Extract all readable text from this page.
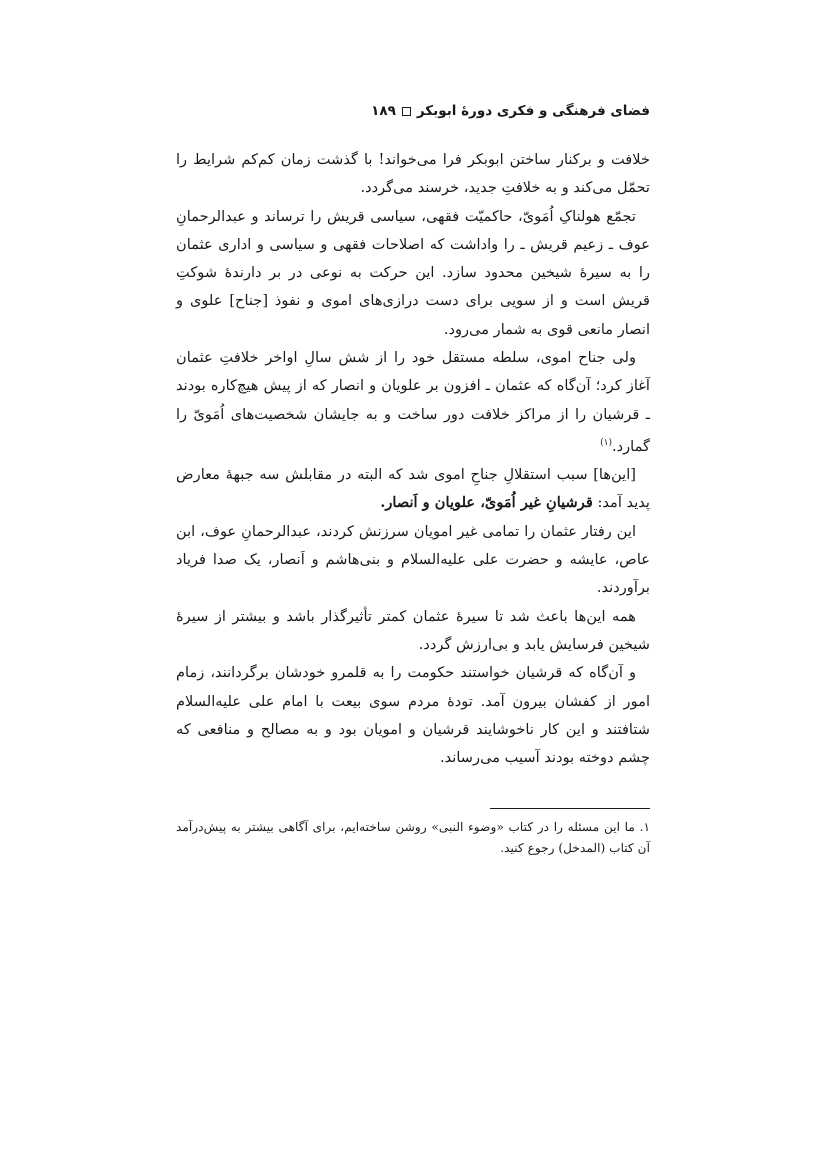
فضای فرهنگی و فکری دورهٔ ابوبکر
۱۸۹

خلافت و برکنار ساختن ابوبکر فرا می‌خواند! با گذشت زمان کم‌کم شرایط را تحمّل می‌کند و به خلافتِ جدید، خرسند می‌گردد.

تجمّع هولناکِ اُمَویّ، حاکمیّت فقهی، سیاسی قریش را ترساند و عبدالرحمانِ عوف ـ زعیم قریش ـ را واداشت که اصلاحات فقهی و سیاسی و اداری عثمان را به سیرهٔ شیخین محدود سازد. این حرکت به نوعی در بر دارندهٔ شوکتِ قریش است و از سویی برای دست درازی‌های اموی و نفوذ [جناح] علوی و انصار مانعی قوی به شمار می‌رود.

ولی جناح اموی، سلطه مستقل خود را از شش سالِ اواخر خلافتِ عثمان آغاز کرد؛ آن‌گاه که عثمان ـ افزون بر علویان و انصار که از پیش هیچ‌کاره بودند ـ قرشیان را از مراکز خلافت دور ساخت و به جایشان شخصیت‌های اُمَویّ را گمارد.$^{(۱)}$

[این‌ها] سبب استقلالِ جناحِ اموی شد که البته در مقابلش سه جبههٔ معارض پدید آمد: قرشیانِ غیر اُمَویّ، علویان و اَنصار.

این رفتار عثمان را تمامی غیر امویان سرزنش کردند، عبدالرحمانِ عوف، ابن عاص، عایشه و حضرت علی علیه‌السلام و بنی‌هاشم و اَنصار، یک صدا فریاد برآوردند.

همه این‌ها باعث شد تا سیرهٔ عثمان کمتر تأثیرگذار باشد و بیشتر از سیرهٔ شیخین فرسایش یابد و بی‌ارزش گردد.

و آن‌گاه که قرشیان خواستند حکومت را به قلمرو خودشان برگردانند، زمام امور از کفشان بیرون آمد. تودهٔ مردم سوی بیعت با امام علی علیه‌السلام شتافتند و این کار ناخوشایند قرشیان و امویان بود و به مصالح و منافعی که چشم دوخته بودند آسیب می‌رساند.

۱. ما این مسئله را در کتاب «وضوء النبی» روشن ساخته‌ایم، برای آگاهی بیشتر به پیش‌درآمد آن کتاب (المدخل) رجوع کنید.
